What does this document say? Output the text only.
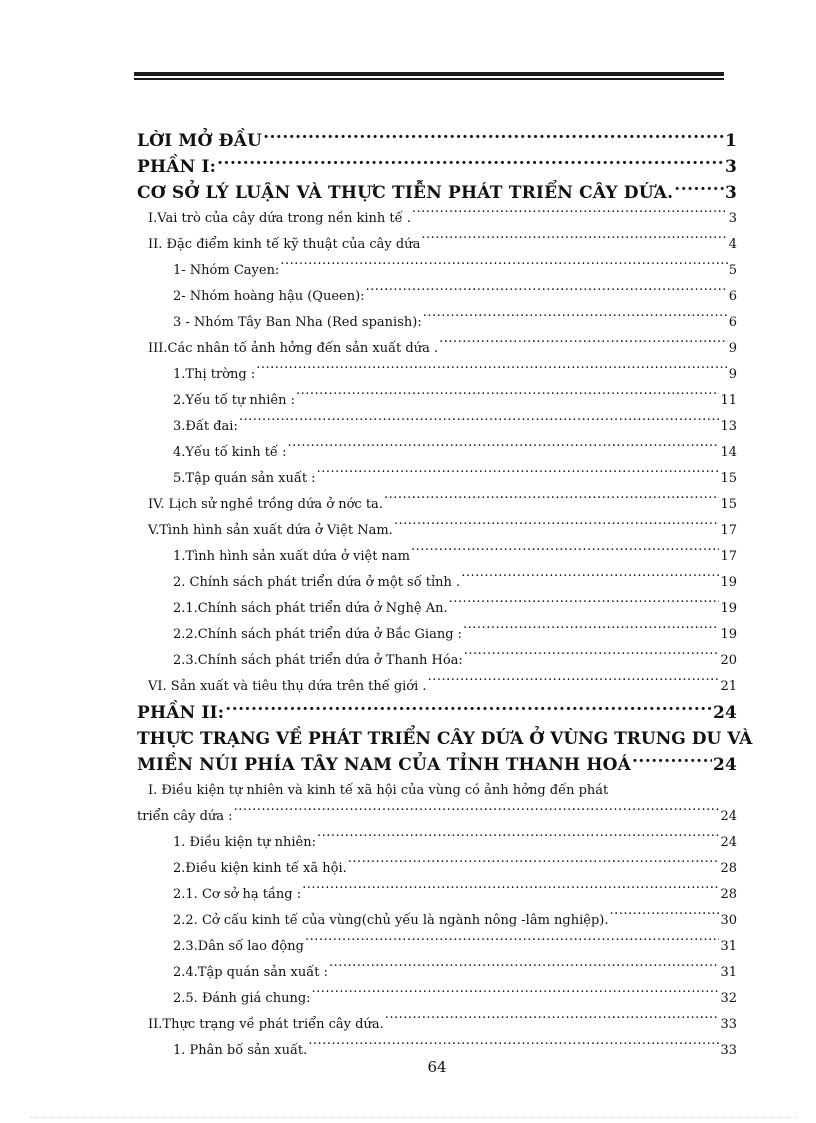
LỜI MỞ ĐẦU .....	1
PHẦN I: .....	3
CƠ SỞ LÝ LUẬN VÀ THỰC TIỄN PHÁT TRIỂN CÂY DỨA. .....	3
I.Vai trò của cây dứa trong nền kinh tế . .....	3
II. Đặc điểm kinh tế kỹ thuật của cây dứa .....	4
1- Nhóm Cayen: .....	5
2- Nhóm hoàng hậu (Queen): .....	6
3 - Nhóm Tây Ban Nha (Red spanish): .....	6
III.Các nhân tố ảnh hởng đến sản xuất dứa . .....	9
1.Thị trờng : .....	9
2.Yếu tố tự nhiên : .....	11
3.Đất đai: .....	13
4.Yếu tố kinh tế : .....	14
5.Tập quán sản xuất : .....	15
IV. Lịch sử nghề trồng dứa ở nớc ta. .....	15
V.Tình hình sản xuất dứa ở Việt Nam. .....	17
1.Tình hình sản xuất dứa ở việt nam .....	17
2. Chính sách phát triển dứa ở một số tỉnh . .....	19
2.1.Chính sách phát triển dứa ở Nghệ An. .....	19
2.2.Chính sách phát triển dứa ở Bắc Giang : .....	19
2.3.Chính sách phát triển dứa ở Thanh Hóa: .....	20
VI. Sản xuất và tiêu thụ dứa trên thế giới . .....	21
PHẦN II: .....	24
THỰC TRẠNG VỀ PHÁT TRIỂN CÂY DỨA Ở VÙNG TRUNG DU VÀ
MIỀN NÚI PHÍA TÂY NAM CỦA TỈNH THANH HOÁ .....	24
I. Điều kiện tự nhiên và kinh tế xã hội của vùng có ảnh hởng đến phát
triển cây dứa : .....	24
1. Điều kiện tự nhiên: .....	24
2.Điều kiện kinh tế xã hội. .....	28
2.1. Cơ sở hạ tầng : .....	28
2.2. Cở cấu kinh tế của vùng(chủ yếu là ngành nông -lâm nghiệp). .....	30
2.3.Dân số lao động .....	31
2.4.Tập quán sản xuất : .....	31
2.5. Đánh giá chung: .....	32
II.Thực trạng về phát triển cây dứa. .....	33
1. Phân bố sản xuất. .....	33
64
